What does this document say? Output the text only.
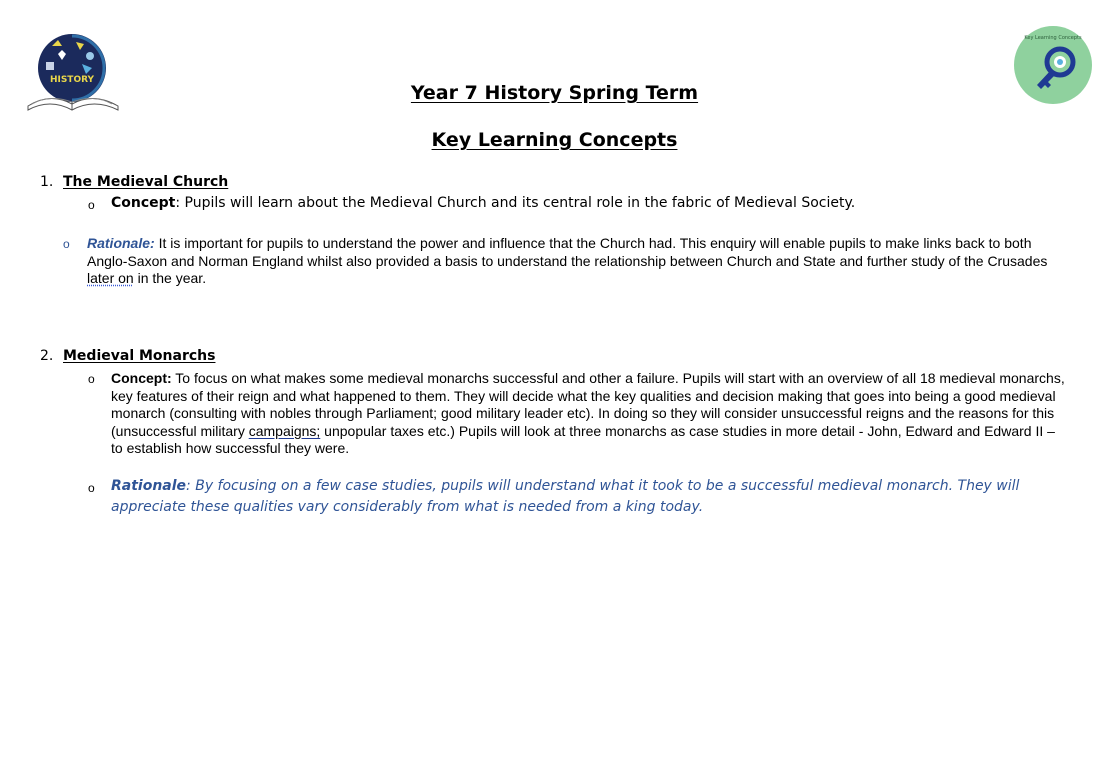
HISTORY
Key Learning Concepts
Year 7 History Spring Term
Key Learning Concepts
1. The Medieval Church
o Concept: Pupils will learn about the Medieval Church and its central role in the fabric of Medieval Society.
o Rationale: It is important for pupils to understand the power and influence that the Church had. This enquiry will enable pupils to make links back to both Anglo-Saxon and Norman England whilst also provided a basis to understand the relationship between Church and State and further study of the Crusades later on in the year.
2. Medieval Monarchs
o Concept: To focus on what makes some medieval monarchs successful and other a failure. Pupils will start with an overview of all 18 medieval monarchs, key features of their reign and what happened to them. They will decide what the key qualities and decision making that goes into being a good medieval monarch (consulting with nobles through Parliament; good military leader etc). In doing so they will consider unsuccessful reigns and the reasons for this (unsuccessful military campaigns; unpopular taxes etc.) Pupils will look at three monarchs as case studies in more detail - John, Edward and Edward II – to establish how successful they were.
o Rationale: By focusing on a few case studies, pupils will understand what it took to be a successful medieval monarch. They will appreciate these qualities vary considerably from what is needed from a king today.
